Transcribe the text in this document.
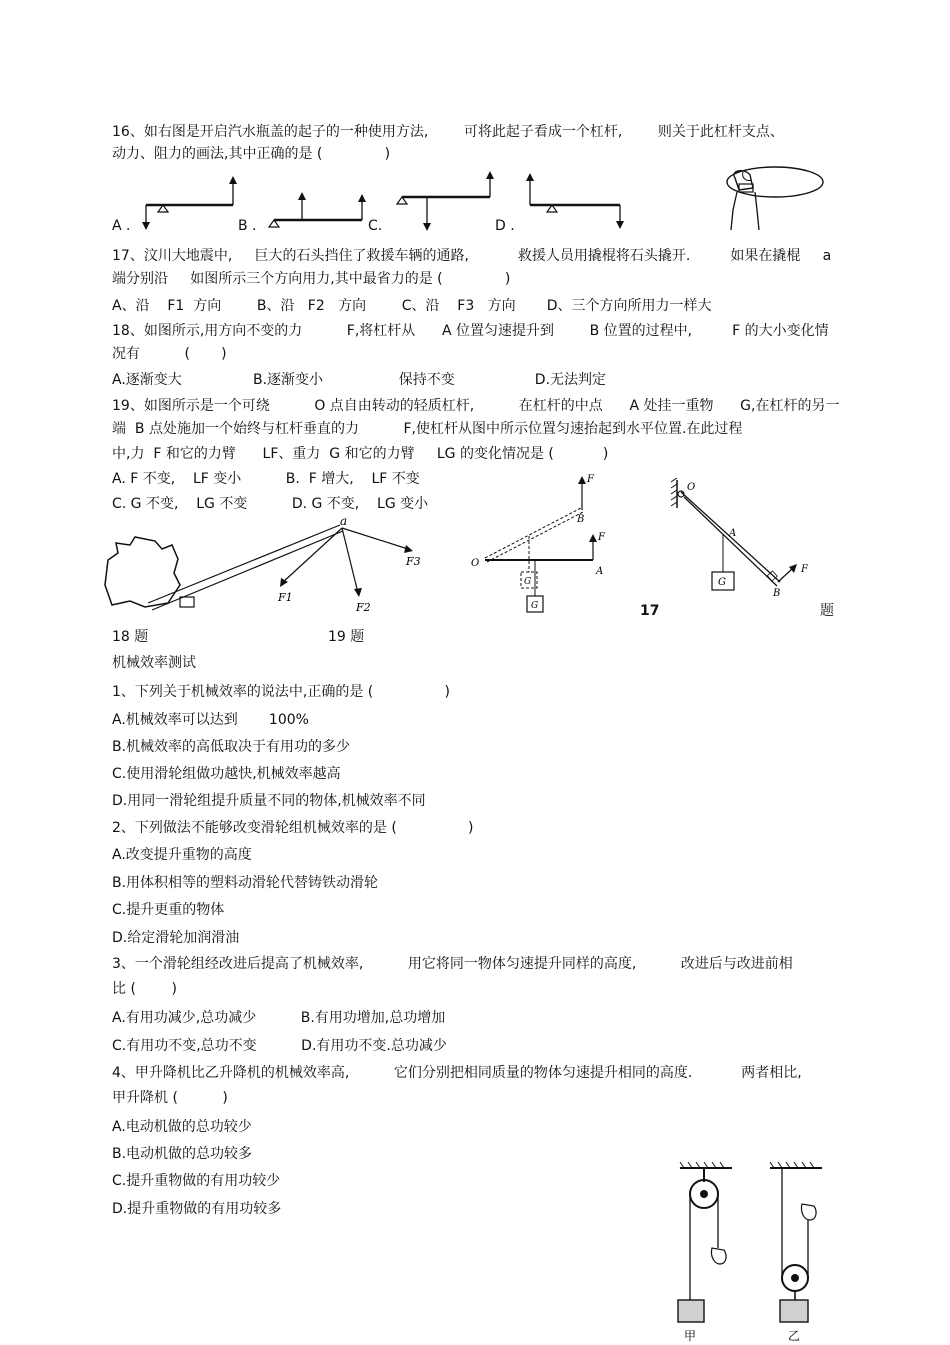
16、如右图是开启汽水瓶盖的起子的一种使用方法,        可将此起子看成一个杠杆,        则关于此杠杆支点、
动力、阻力的画法,其中正确的是 (              )
A .	B .	C.	D .
17、汶川大地震中,     巨大的石头挡住了救援车辆的通路,           救援人员用撬棍将石头撬开.         如果在撬棍     a
端分别沿     如图所示三个方向用力,其中最省力的是 (              )
A、沿    F1  方向        B、沿   F2   方向        C、沿    F3   方向       D、三个方向所用力一样大
18、如图所示,用方向不变的力          F,将杠杆从      A 位置匀速提升到        B 位置的过程中,         F 的大小变化情
况有          (       )
A.逐渐变大                B.逐渐变小                 保持不变                  D.无法判定
19、如图所示是一个可绕          O 点自由转动的轻质杠杆,          在杠杆的中点      A 处挂一重物      G,在杠杆的另一
端  B 点处施加一个始终与杠杆垂直的力          F,使杠杆从图中所示位置匀速抬起到水平位置.在此过程
中,力  F 和它的力臂      LF、重力  G 和它的力臂     LG 的变化情况是 (           )
A. F 不变,    LF 变小          B.  F 增大,    LF 不变
C. G 不变,    LG 不变          D. G 不变,    LG 变小
a
F1
F2
F3
F
B
F
A
O
G
G
O
A
B
F
G
17	题
18 题	19 题
机械效率测试
1、下列关于机械效率的说法中,正确的是 (                )
A.机械效率可以达到       100%
B.机械效率的高低取决于有用功的多少
C.使用滑轮组做功越快,机械效率越高
D.用同一滑轮组提升质量不同的物体,机械效率不同
2、下列做法不能够改变滑轮组机械效率的是 (                )
A.改变提升重物的高度
B.用体积相等的塑料动滑轮代替铸铁动滑轮
C.提升更重的物体
D.给定滑轮加润滑油
3、一个滑轮组经改进后提高了机械效率,          用它将同一物体匀速提升同样的高度,          改进后与改进前相
比 (        )
A.有用功减少,总功减少          B.有用功增加,总功增加
C.有用功不变,总功不变          D.有用功不变.总功减少
4、甲升降机比乙升降机的机械效率高,          它们分别把相同质量的物体匀速提升相同的高度.           两者相比,
甲升降机 (          )
A.电动机做的总功较少
B.电动机做的总功较多
C.提升重物做的有用功较少
D.提升重物做的有用功较多
甲	乙
